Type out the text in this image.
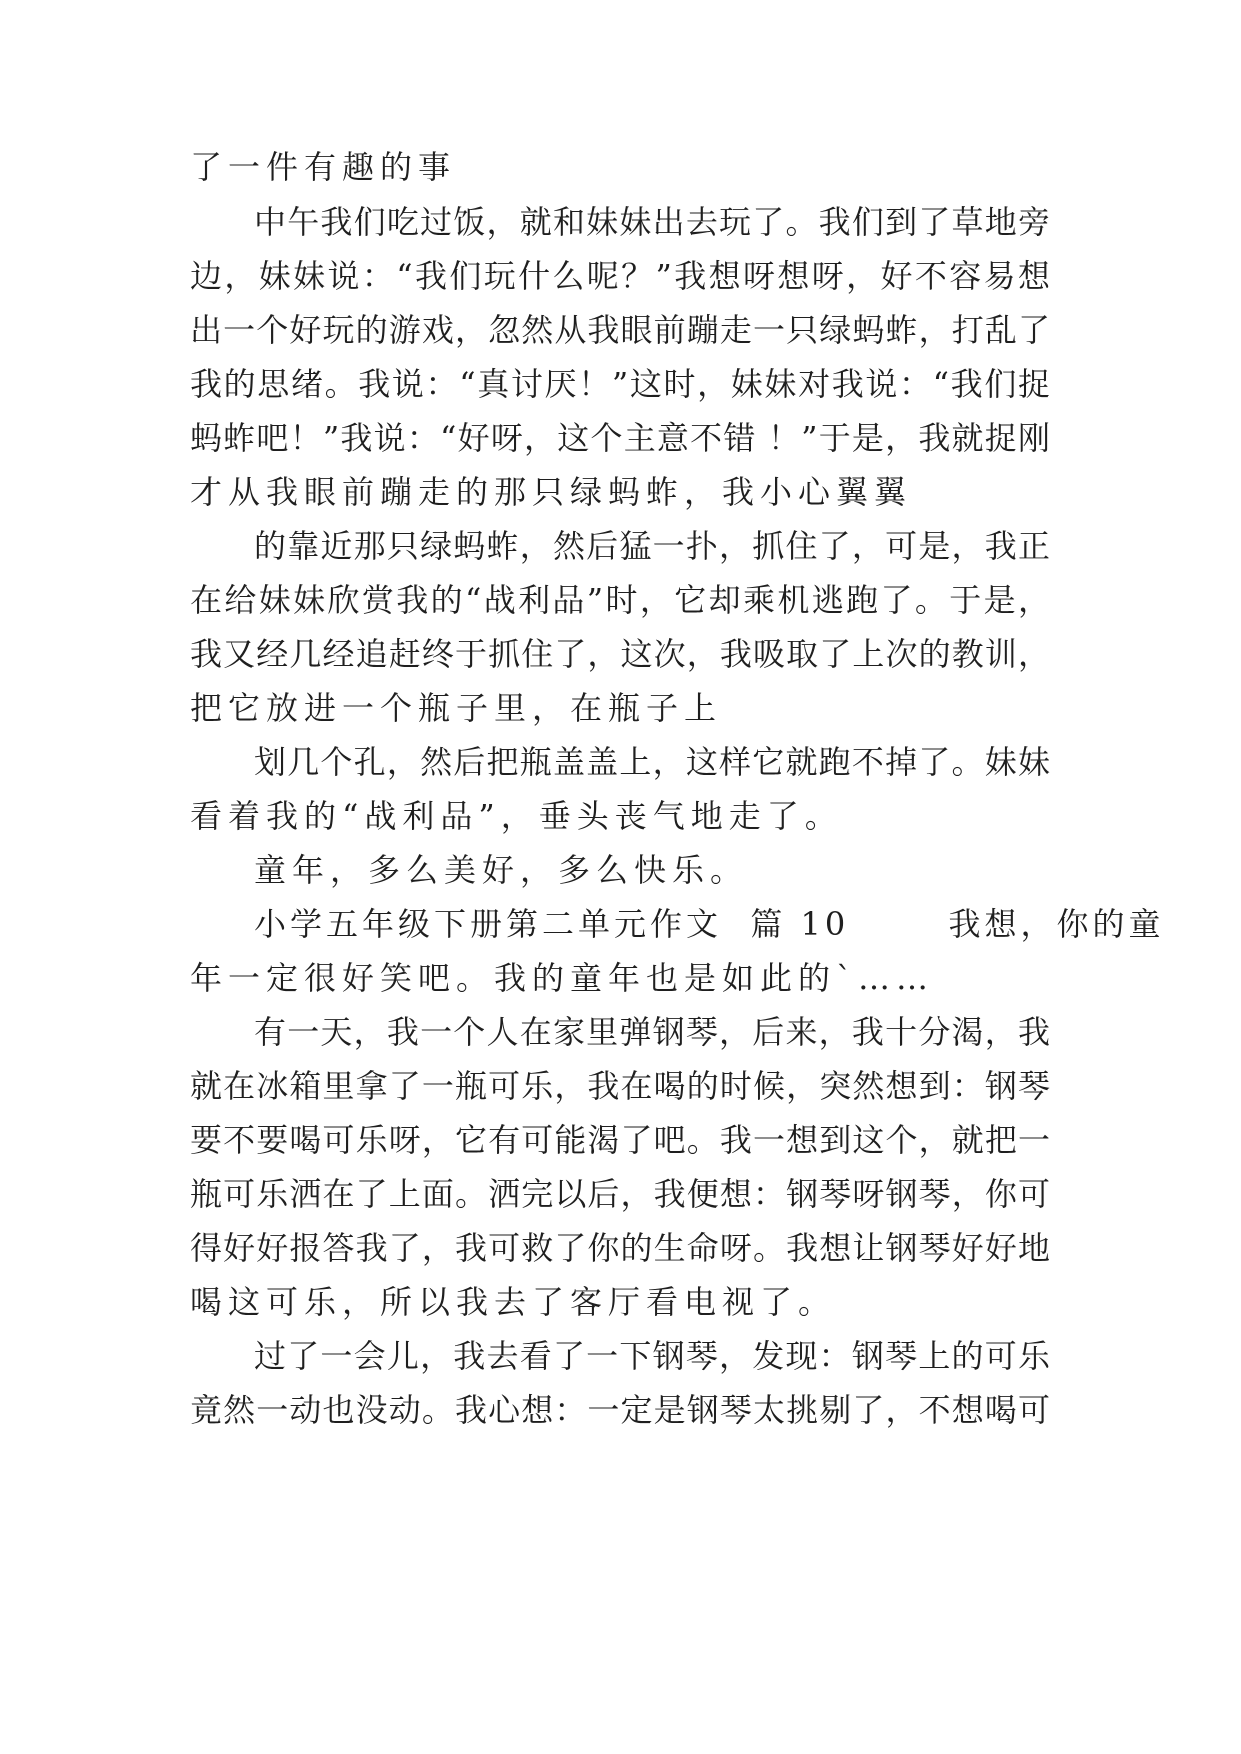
了一件有趣的事
中午我们吃过饭，就和妹妹出去玩了。我们到了草地旁
边，妹妹说：“我们玩什么呢？”我想呀想呀，好不容易想
出一个好玩的游戏，忽然从我眼前蹦走一只绿蚂蚱，打乱了
我的思绪。我说：“真讨厌！”这时，妹妹对我说：“我们捉
蚂蚱吧！”我说：“好呀，这个主意不错 ！”于是，我就捉刚
才从我眼前蹦走的那只绿蚂蚱，我小心翼翼
的靠近那只绿蚂蚱，然后猛一扑，抓住了，可是，我正
在给妹妹欣赏我的“战利品”时，它却乘机逃跑了。于是，
我又经几经追赶终于抓住了，这次，我吸取了上次的教训，
把它放进一个瓶子里，在瓶子上
划几个孔，然后把瓶盖盖上，这样它就跑不掉了。妹妹
看着我的“战利品”，垂头丧气地走了。
童年，多么美好，多么快乐。
小学五年级下册第二单元作文  篇 10       我想，你的童
年一定很好笑吧。我的童年也是如此的`……
有一天，我一个人在家里弹钢琴，后来，我十分渴，我
就在冰箱里拿了一瓶可乐，我在喝的时候，突然想到：钢琴
要不要喝可乐呀，它有可能渴了吧。我一想到这个，就把一
瓶可乐洒在了上面。洒完以后，我便想：钢琴呀钢琴，你可
得好好报答我了，我可救了你的生命呀。我想让钢琴好好地
喝这可乐，所以我去了客厅看电视了。
过了一会儿，我去看了一下钢琴，发现：钢琴上的可乐
竟然一动也没动。我心想：一定是钢琴太挑剔了，不想喝可
